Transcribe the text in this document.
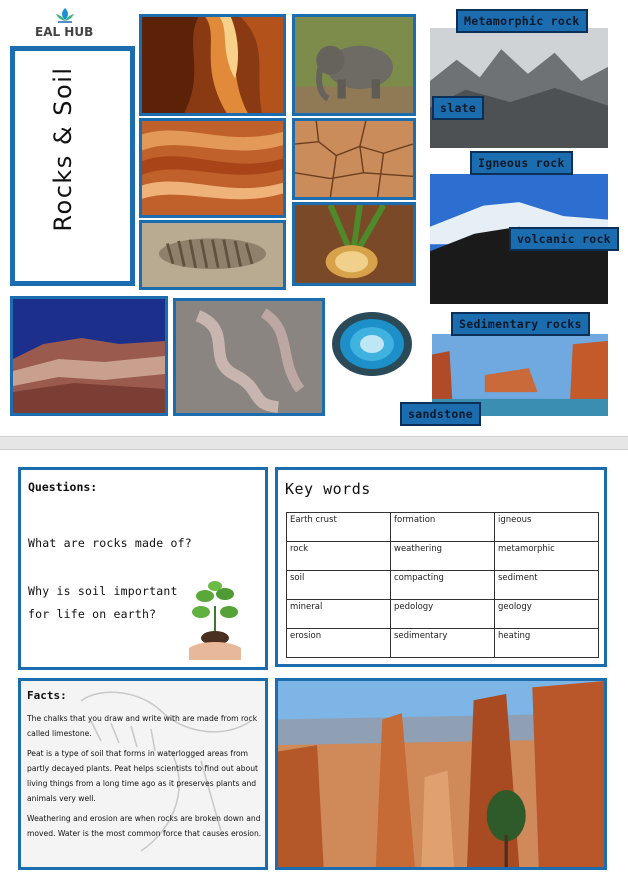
EAL HUB
Rocks & Soil
Metamorphic rock
slate
Igneous rock
volcanic rock
Sedimentary rocks
sandstone
Questions:
What are rocks made of?
Why is soil important
for life on earth?
Key words
Earth crust	formation	igneous
rock	weathering	metamorphic
soil	compacting	sediment
mineral	pedology	geology
erosion	sedimentary	heating
Facts:

The chalks that you draw and write with are made from rock called limestone.

Peat is a type of soil that forms in waterlogged areas from partly decayed plants. Peat helps scientists to find out about living things from a long time ago as it preserves plants and animals very well.

Weathering and erosion are when rocks are broken down and moved. Water is the most common force that causes erosion.
